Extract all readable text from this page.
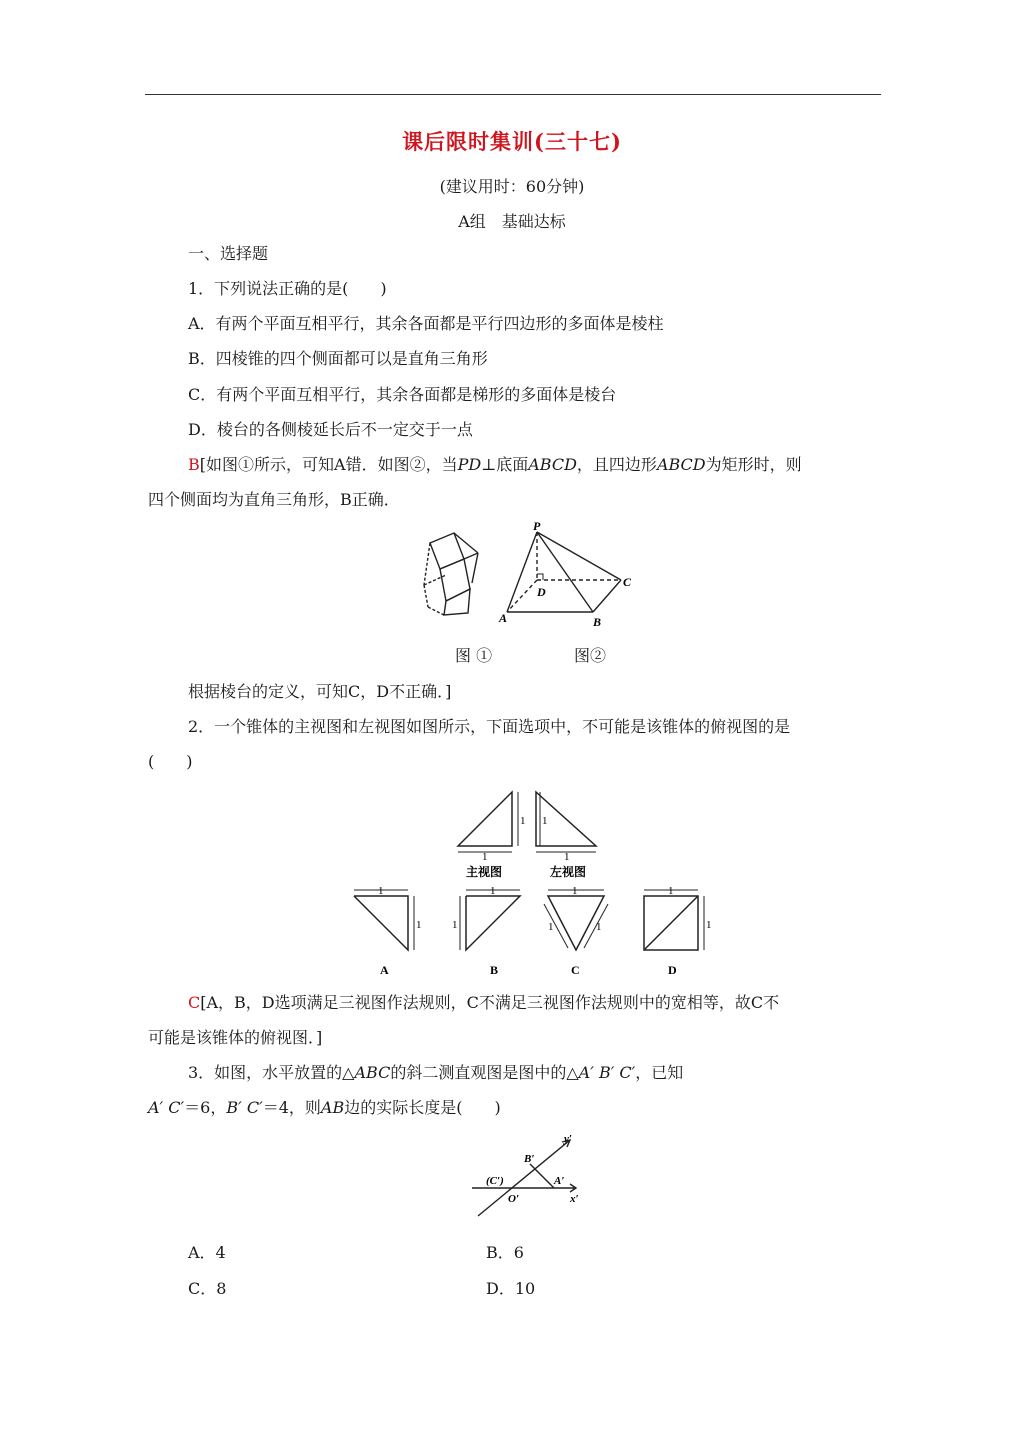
课后限时集训(三十七)
(建议用时：60分钟)
A组　基础达标
一、选择题
1．下列说法正确的是(　　)
A．有两个平面互相平行，其余各面都是平行四边形的多面体是棱柱
B．四棱锥的四个侧面都可以是直角三角形
C．有两个平面互相平行，其余各面都是梯形的多面体是棱台
D．棱台的各侧棱延长后不一定交于一点
B[如图①所示，可知A错．如图②，当PD⊥底面ABCD，且四边形ABCD为矩形时，则
四个侧面均为直角三角形，B正确．
P
D
C
A	B
图 ①	图②
根据棱台的定义，可知C，D不正确．]
2．一个锥体的主视图和左视图如图所示，下面选项中，不可能是该锥体的俯视图的是
(　　)
1 1
1	1
主视图	左视图
1
1
1
1
1
1	1
1
1
A	B	C	D
C[A，B，D选项满足三视图作法规则，C不满足三视图作法规则中的宽相等，故C不
可能是该锥体的俯视图．]
3．如图，水平放置的△ABC的斜二测直观图是图中的△A′ B′ C′，已知
A′ C′＝6，B′ C′＝4，则AB边的实际长度是(　　)
y′
B′
(C′)	A′
O′	x′
A．4	B．6
C．8	D．10
